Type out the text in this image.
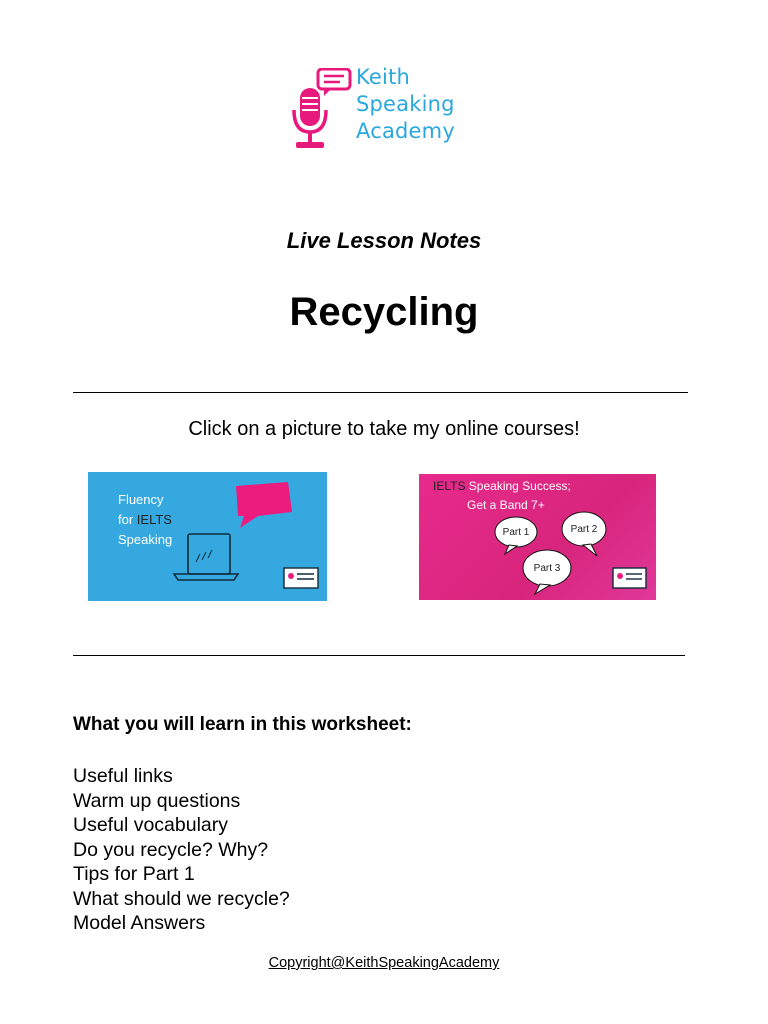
Keith
Speaking
Academy
Live Lesson Notes
Recycling
Click on a picture to take my online courses!
Fluency
for IELTS
Speaking
IELTS Speaking Success;
Get a Band 7+
Part 1	Part 2
Part 3
What you will learn in this worksheet:
Useful links
Warm up questions
Useful vocabulary
Do you recycle? Why?
Tips for Part 1
What should we recycle?
Model Answers
Copyright@KeithSpeakingAcademy
